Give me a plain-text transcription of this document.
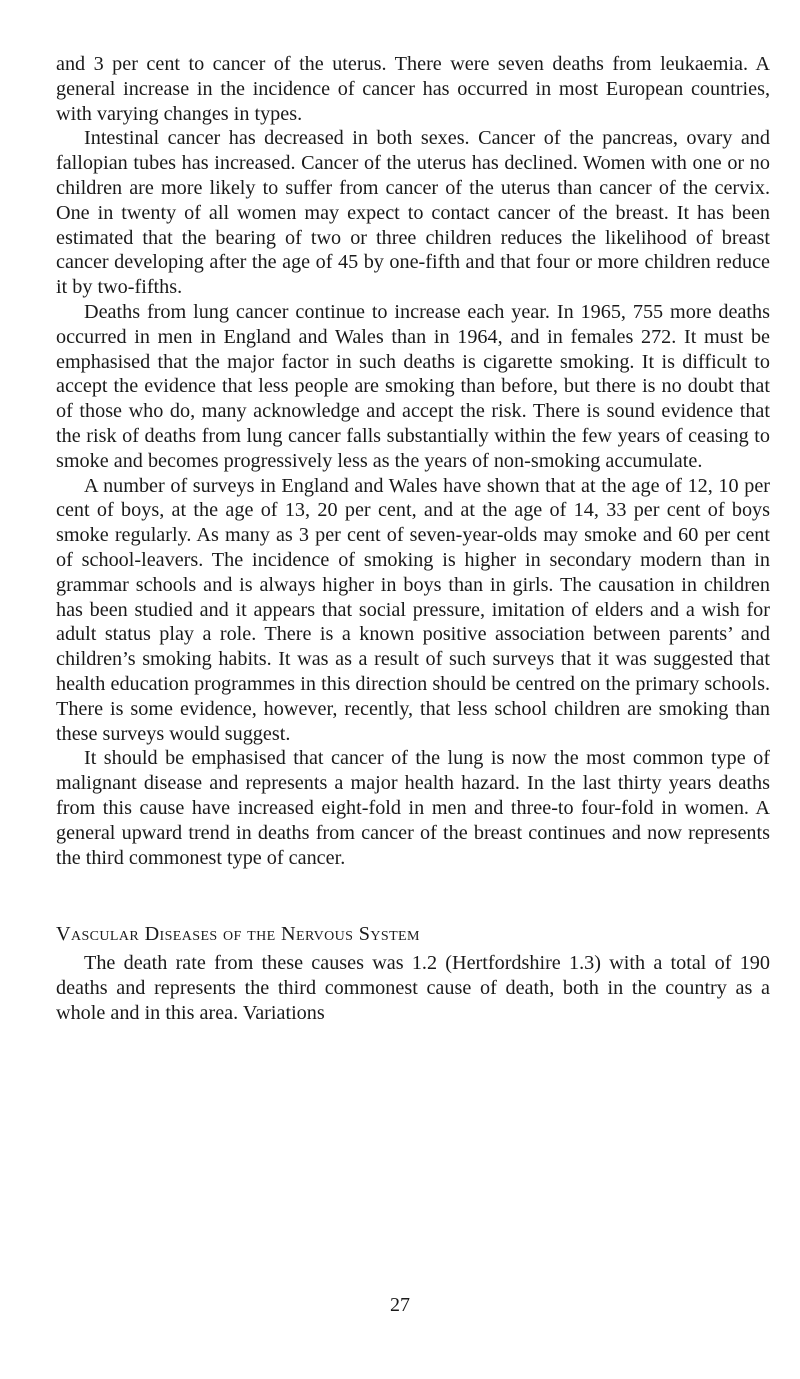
and 3 per cent to cancer of the uterus. There were seven deaths from leukaemia. A general increase in the incidence of cancer has occurred in most European countries, with varying changes in types.

Intestinal cancer has decreased in both sexes. Cancer of the pancreas, ovary and fallopian tubes has increased. Cancer of the uterus has declined. Women with one or no children are more likely to suffer from cancer of the uterus than cancer of the cervix. One in twenty of all women may expect to contact cancer of the breast. It has been estimated that the bearing of two or three children reduces the likelihood of breast cancer developing after the age of 45 by one-fifth and that four or more children reduce it by two-fifths.

Deaths from lung cancer continue to increase each year. In 1965, 755 more deaths occurred in men in England and Wales than in 1964, and in females 272. It must be emphasised that the major factor in such deaths is cigarette smoking. It is difficult to accept the evidence that less people are smoking than before, but there is no doubt that of those who do, many acknowledge and accept the risk. There is sound evidence that the risk of deaths from lung cancer falls substantially within the few years of ceasing to smoke and becomes progressively less as the years of non-smoking accumulate.

A number of surveys in England and Wales have shown that at the age of 12, 10 per cent of boys, at the age of 13, 20 per cent, and at the age of 14, 33 per cent of boys smoke regularly. As many as 3 per cent of seven-year-olds may smoke and 60 per cent of school-leavers. The incidence of smoking is higher in secondary modern than in grammar schools and is always higher in boys than in girls. The causation in children has been studied and it appears that social pressure, imitation of elders and a wish for adult status play a role. There is a known positive association between parents’ and children’s smoking habits. It was as a result of such surveys that it was suggested that health education programmes in this direction should be centred on the primary schools. There is some evidence, however, recently, that less school children are smoking than these surveys would suggest.

It should be emphasised that cancer of the lung is now the most common type of malignant disease and represents a major health hazard. In the last thirty years deaths from this cause have increased eight-fold in men and three-to four-fold in women. A general upward trend in deaths from cancer of the breast continues and now represents the third commonest type of cancer.

Vascular Diseases of the Nervous System

The death rate from these causes was 1.2 (Hertfordshire 1.3) with a total of 190 deaths and represents the third commonest cause of death, both in the country as a whole and in this area. Variations

27
